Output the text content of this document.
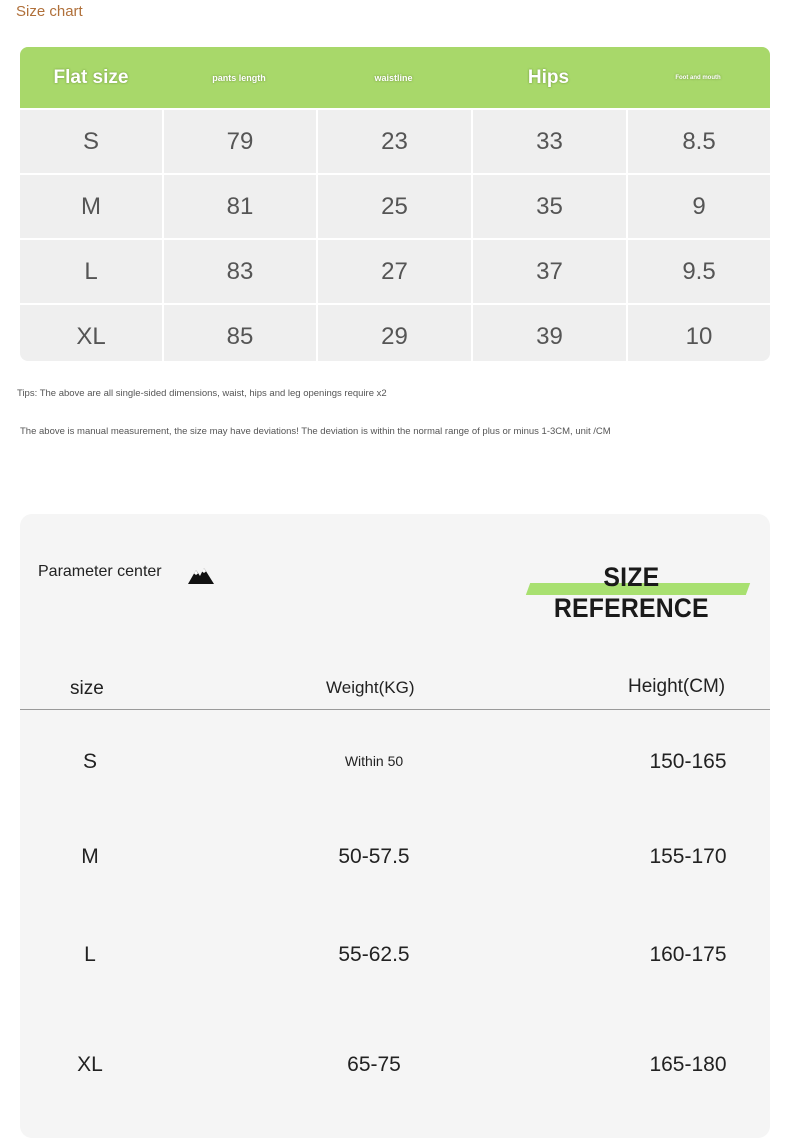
Size chart
Flat size	pants length	waistline	Hips	Foot and mouth
S	79	23	33	8.5
M	81	25	35	9
L	83	27	37	9.5
XL	85	29	39	10
Tips: The above are all single-sided dimensions, waist, hips and leg openings require x2
The above is manual measurement, the size may have deviations! The deviation is within the normal range of plus or minus 1-3CM, unit /CM
Parameter center	SIZE REFERENCE
size	Weight(KG)	Height(CM)
S	Within 50	150-165
M	50-57.5	155-170
L	55-62.5	160-175
XL	65-75	165-180
